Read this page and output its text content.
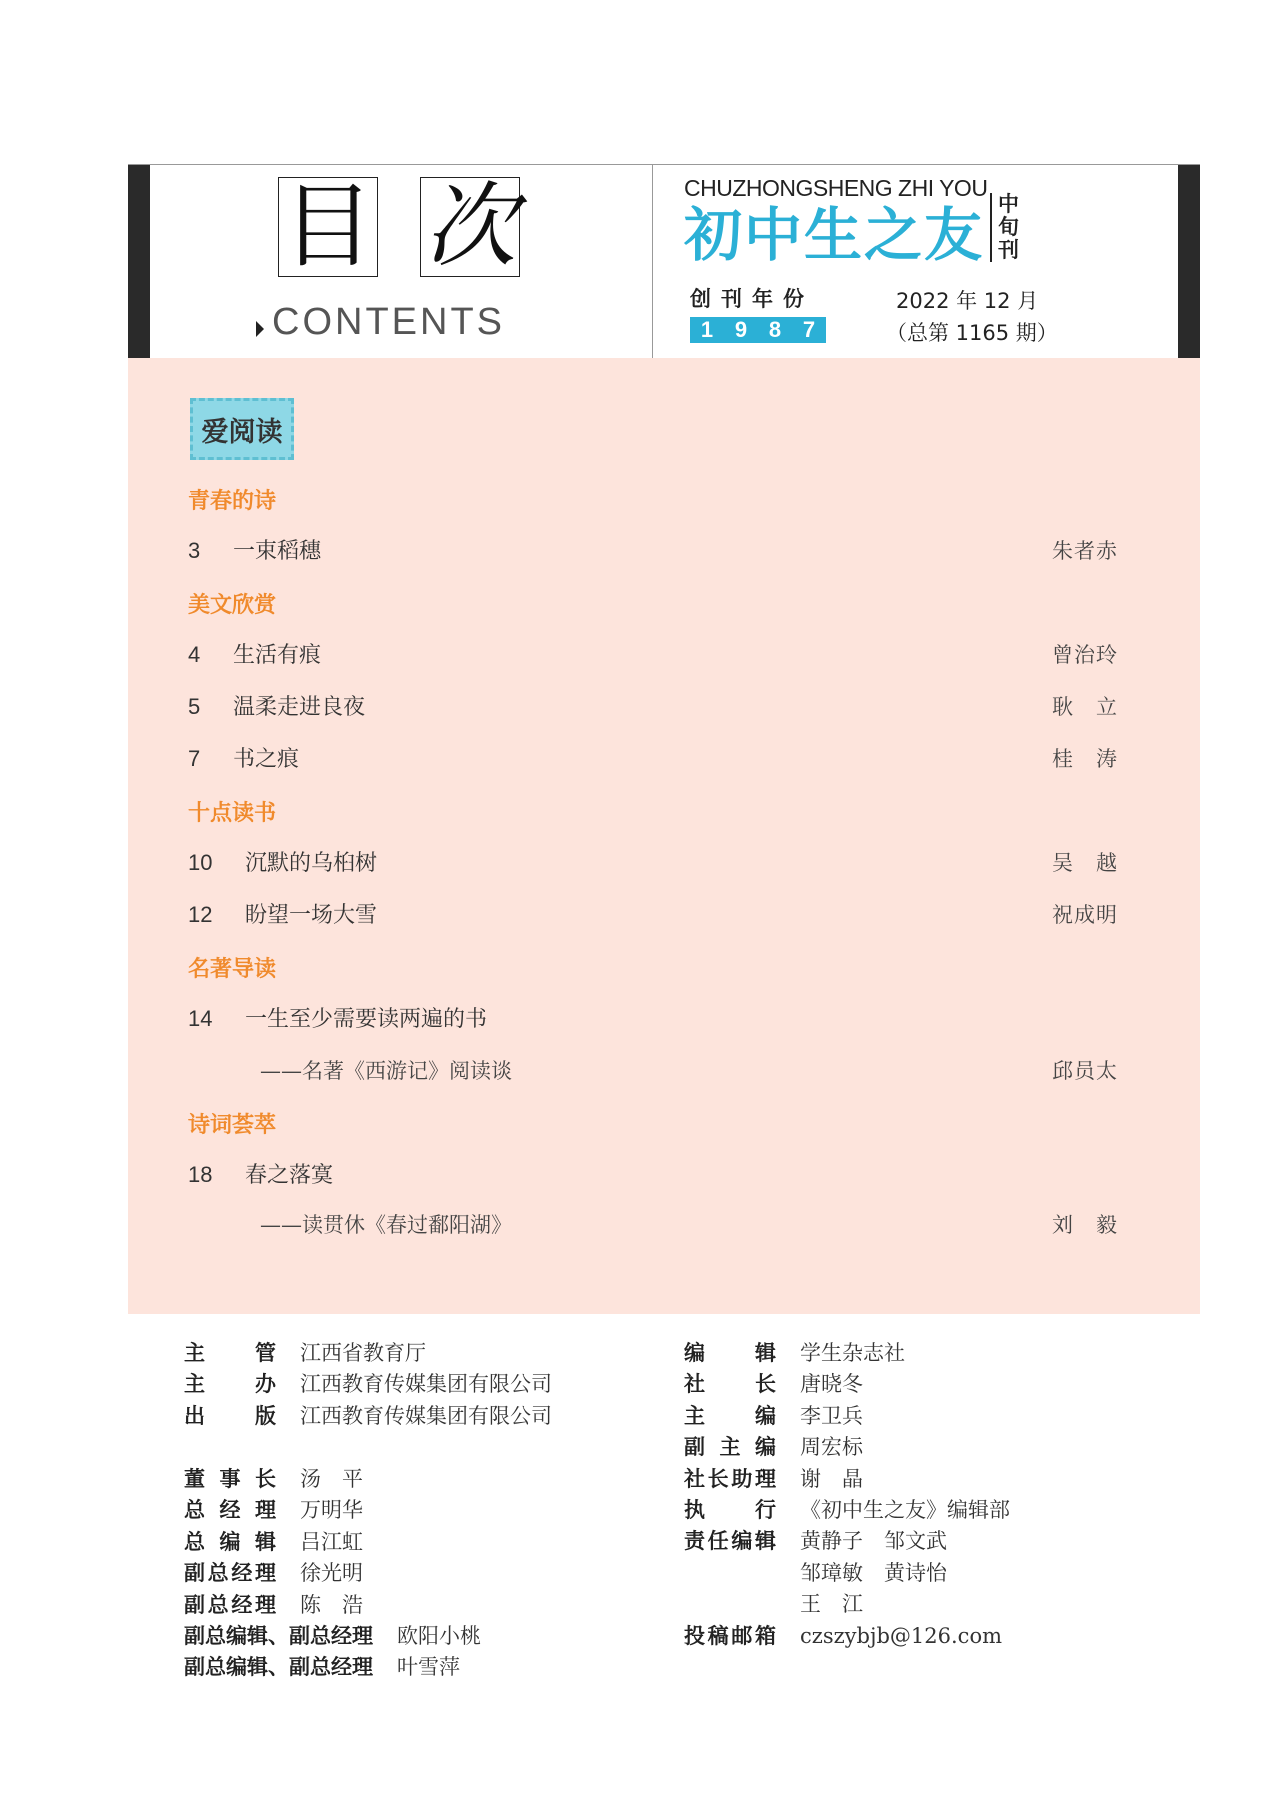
目 次
CONTENTS
CHUZHONGSHENG ZHI YOU
初中生之友 中旬刊
创刊年份
1 9 8 7
2022 年 12 月
（总第 1165 期）
爱阅读
青春的诗
3 一束稻穗	朱者赤
美文欣赏
4 生活有痕	曾治玲
5 温柔走进良夜	耿　立
7 书之痕	桂　涛
十点读书
10 沉默的乌桕树	吴　越
12 盼望一场大雪	祝成明
名著导读
14 一生至少需要读两遍的书
——名著《西游记》阅读谈	邱员太
诗词荟萃
18 春之落寞
——读贯休《春过鄱阳湖》	刘　毅
主管 江西省教育厅
主办 江西教育传媒集团有限公司
出版 江西教育传媒集团有限公司
董事长 汤　平
总经理 万明华
总编辑 吕江虹
副总经理 徐光明
副总经理 陈　浩
副总编辑、副总经理 欧阳小桃
副总编辑、副总经理 叶雪萍
编辑 学生杂志社
社长 唐晓冬
主编 李卫兵
副主编 周宏标
社长助理 谢　晶
执行 《初中生之友》编辑部
责任编辑 黄静子　邹文武
邹璋敏　黄诗怡
王　江
投稿邮箱 czszybjb@126.com
